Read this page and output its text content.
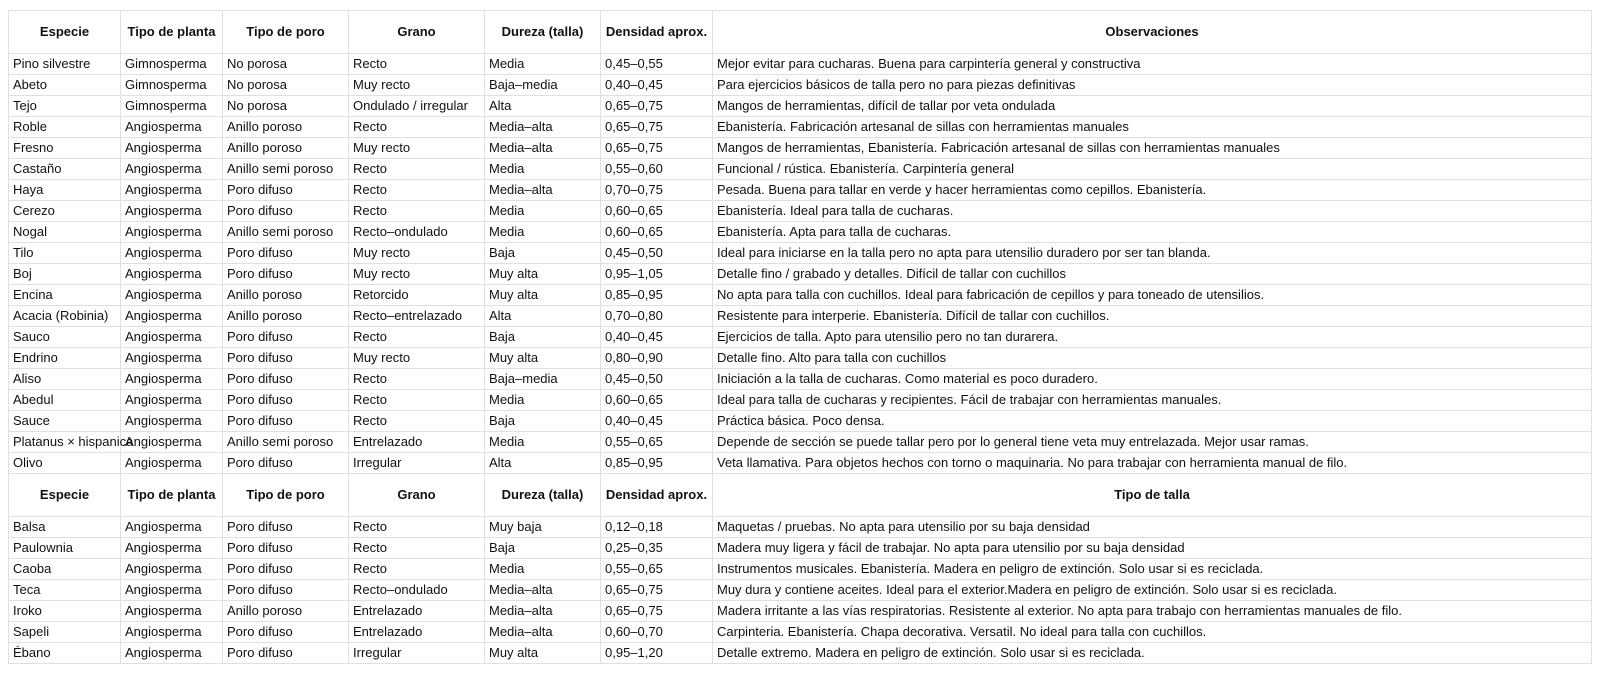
Especie	Tipo de planta	Tipo de poro	Grano	Dureza (talla)	Densidad aprox.	Observaciones
Pino silvestre	Gimnosperma	No porosa	Recto	Media	0,45–0,55	Mejor evitar para cucharas. Buena para carpintería general y constructiva
Abeto	Gimnosperma	No porosa	Muy recto	Baja–media	0,40–0,45	Para ejercicios básicos de talla pero no para piezas definitivas
Tejo	Gimnosperma	No porosa	Ondulado / irregular	Alta	0,65–0,75	Mangos de herramientas, difícil de tallar por veta ondulada
Roble	Angiosperma	Anillo poroso	Recto	Media–alta	0,65–0,75	Ebanistería. Fabricación artesanal de sillas con herramientas manuales
Fresno	Angiosperma	Anillo poroso	Muy recto	Media–alta	0,65–0,75	Mangos de herramientas, Ebanistería. Fabricación artesanal de sillas con herramientas manuales
Castaño	Angiosperma	Anillo semi poroso	Recto	Media	0,55–0,60	Funcional / rústica. Ebanistería. Carpintería general
Haya	Angiosperma	Poro difuso	Recto	Media–alta	0,70–0,75	Pesada. Buena para tallar en verde y hacer herramientas como cepillos. Ebanistería.
Cerezo	Angiosperma	Poro difuso	Recto	Media	0,60–0,65	Ebanistería. Ideal para talla de cucharas.
Nogal	Angiosperma	Anillo semi poroso	Recto–ondulado	Media	0,60–0,65	Ebanistería. Apta para talla de cucharas.
Tilo	Angiosperma	Poro difuso	Muy recto	Baja	0,45–0,50	Ideal para iniciarse en la talla pero no apta para utensilio duradero por ser tan blanda.
Boj	Angiosperma	Poro difuso	Muy recto	Muy alta	0,95–1,05	Detalle fino / grabado y detalles. Difícil de tallar con cuchillos
Encina	Angiosperma	Anillo poroso	Retorcido	Muy alta	0,85–0,95	No apta para talla con cuchillos. Ideal para fabricación de cepillos y para toneado de utensilios.
Acacia (Robinia)	Angiosperma	Anillo poroso	Recto–entrelazado	Alta	0,70–0,80	Resistente para interperie. Ebanistería. Difícil de tallar con cuchillos.
Sauco	Angiosperma	Poro difuso	Recto	Baja	0,40–0,45	Ejercicios de talla. Apto para utensilio pero no tan durarera.
Endrino	Angiosperma	Poro difuso	Muy recto	Muy alta	0,80–0,90	Detalle fino. Alto para talla con cuchillos
Aliso	Angiosperma	Poro difuso	Recto	Baja–media	0,45–0,50	Iniciación a la talla de cucharas. Como material es poco duradero.
Abedul	Angiosperma	Poro difuso	Recto	Media	0,60–0,65	Ideal para talla de cucharas y recipientes. Fácil de trabajar con herramientas manuales.
Sauce	Angiosperma	Poro difuso	Recto	Baja	0,40–0,45	Práctica básica. Poco densa.
Platanus × hispanica	Angiosperma	Anillo semi poroso	Entrelazado	Media	0,55–0,65	Depende de sección se puede tallar pero por lo general tiene veta muy entrelazada. Mejor usar ramas.
Olivo	Angiosperma	Poro difuso	Irregular	Alta	0,85–0,95	Veta llamativa. Para objetos hechos con torno o maquinaria. No para trabajar con herramienta manual de filo.
Especie	Tipo de planta	Tipo de poro	Grano	Dureza (talla)	Densidad aprox.	Tipo de talla
Balsa	Angiosperma	Poro difuso	Recto	Muy baja	0,12–0,18	Maquetas / pruebas. No apta para utensilio por su baja densidad
Paulownia	Angiosperma	Poro difuso	Recto	Baja	0,25–0,35	Madera muy ligera y fácil de trabajar. No apta para utensilio por su baja densidad
Caoba	Angiosperma	Poro difuso	Recto	Media	0,55–0,65	Instrumentos musicales. Ebanistería. Madera en peligro de extinción. Solo usar si es reciclada.
Teca	Angiosperma	Poro difuso	Recto–ondulado	Media–alta	0,65–0,75	Muy dura y contiene aceites. Ideal para el exterior.Madera en peligro de extinción. Solo usar si es reciclada.
Iroko	Angiosperma	Anillo poroso	Entrelazado	Media–alta	0,65–0,75	Madera irritante a las vías respiratorias. Resistente al exterior. No apta para trabajo con herramientas manuales de filo.
Sapeli	Angiosperma	Poro difuso	Entrelazado	Media–alta	0,60–0,70	Carpinteria. Ebanistería. Chapa decorativa. Versatil. No ideal para talla con cuchillos.
Ébano	Angiosperma	Poro difuso	Irregular	Muy alta	0,95–1,20	Detalle extremo. Madera en peligro de extinción. Solo usar si es reciclada.
